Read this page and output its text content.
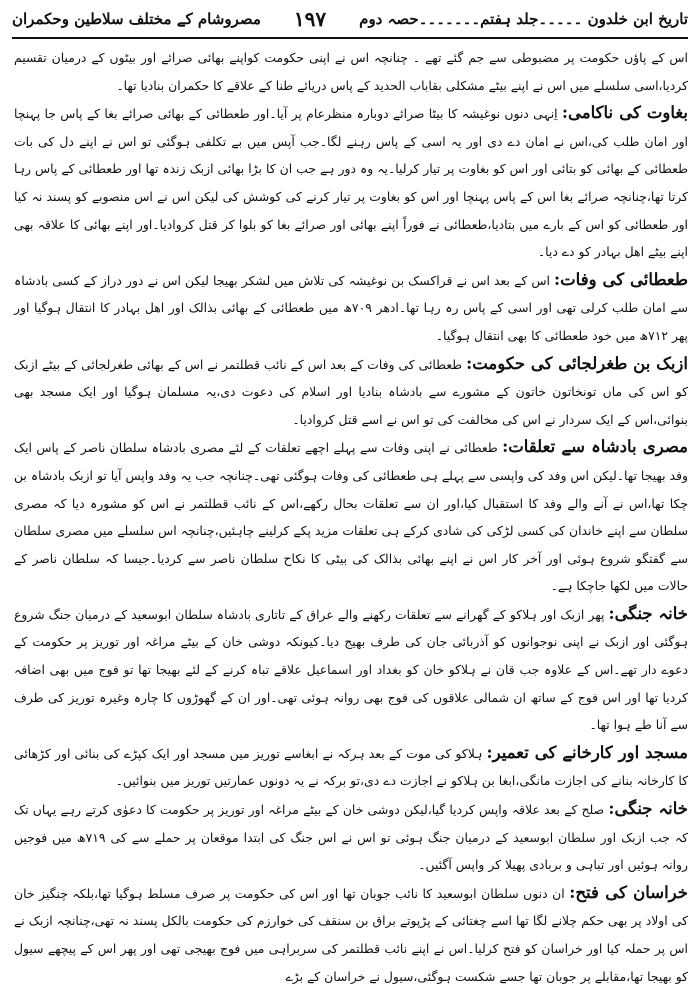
تاریخ ابن خلدون ۔۔۔۔۔جلد ہفتم۔۔۔۔۔۔۔حصہ دوم
۱۹۷
مصروشام کے مختلف سلاطین وحکمران

اس کے پاؤں حکومت پر مضبوطی سے جم گئے تھے ۔ چنانچہ اس نے اپنی حکومت کواپنے بھائی صرائے اور بیٹوں کے درمیان تقسیم کردیا،اسی سلسلے میں اس نے اپنے بیٹے مشکلی بقاباب الحدید کے پاس دریائے طنا کے علاقے کا حکمران بنادیا تھا۔

بغاوت کی ناکامی: اِنہی دنوں نوغیشہ کا بیٹا صرائے دوبارہ منظرعام پر آیا۔اور طعطائی کے بھائی صرائے بغا کے پاس جا پہنچا اور امان طلب کی،اس نے امان دے دی اور یہ اسی کے پاس رہنے لگا۔جب آپس میں بے تکلفی ہوگئی تو اس نے اپنے دل کی بات طعطائی کے بھائی کو بتائی اور اس کو بغاوت پر تیار کرلیا۔یہ وہ دور ہے جب ان کا بڑا بھائی ازبک زندہ تھا اور طعطائی کے پاس رہا کرتا تھا،چنانچہ صرائے بغا اس کے پاس پہنچا اور اس کو بغاوت پر تیار کرنے کی کوشش کی لیکن اس نے اس منصوبے کو پسند نہ کیا اور طعطائی کو اس کے بارے میں بتادیا،طعطائی نے فوراً اپنے بھائی اور صرائے بغا کو بلوا کر قتل کروادیا۔اور اپنے بھائی کا علاقہ بھی اپنے بیٹے اھل بہادر کو دے دیا۔

طعطائی کی وفات: اس کے بعد اس نے قراکسک بن نوغیشہ کی تلاش میں لشکر بھیجا لیکن اس نے دور دراز کے کسی بادشاہ سے امان طلب کرلی تھی اور اسی کے پاس رہ رہا تھا۔ادھر ۷۰۹ھ میں طعطائی کے بھائی بذالک اور اھل بہادر کا انتقال ہوگیا اور پھر ۷۱۲ھ میں خود طعطائی کا بھی انتقال ہوگیا۔

ازبک بن طغرلجائی کی حکومت: طعطائی کی وفات کے بعد اس کے نائب قطلتمر نے اس کے بھائی طغرلجائی کے بیٹے ازبک کو اس کی ماں تونخاتون خاتون کے مشورے سے بادشاہ بنادیا اور اسلام کی دعوت دی،یہ مسلمان ہوگیا اور ایک مسجد بھی بنوائی،اس کے ایک سردار نے اس کی مخالفت کی تو اس نے اسے قتل کروادیا۔

مصری بادشاہ سے تعلقات: طعطائی نے اپنی وفات سے پہلے اچھے تعلقات کے لئے مصری بادشاہ سلطان ناصر کے پاس ایک وفد بھیجا تھا۔لیکن اس وفد کی واپسی سے پہلے ہی طعطائی کی وفات ہوگئی تھی۔چنانچہ جب یہ وفد واپس آیا تو ازبک بادشاہ بن چکا تھا،اس نے آنے والے وفد کا استقبال کیا،اور ان سے تعلقات بحال رکھے،اس کے نائب قطلتمر نے اس کو مشورہ دیا کہ مصری سلطان سے اپنے خاندان کی کسی لڑکی کی شادی کرکے ہی تعلقات مزید پکے کرلینے چاہئیں،چنانچہ اس سلسلے میں مصری سلطان سے گفتگو شروع ہوئی اور آخر کار اس نے اپنے بھائی بذالک کی بیٹی کا نکاح سلطان ناصر سے کردیا۔جیسا کہ سلطان ناصر کے حالات میں لکھا جاچکا ہے۔

خانہ جنگی: پھر ازبک اور ہلاکو کے گھرانے سے تعلقات رکھنے والے عراق کے تاتاری بادشاہ سلطان ابوسعید کے درمیان جنگ شروع ہوگئی اور ازبک نے اپنی نوجوانوں کو آذربائی جان کی طرف بھیج دیا۔کیونکہ دوشی خان کے بیٹے مراغہ اور توریز پر حکومت کے دعوے دار تھے۔اس کے علاوہ جب قان نے ہلاکو خان کو بغداد اور اسماعیل علاقے تباہ کرنے کے لئے بھیجا تھا تو فوج میں بھی اضافہ کردیا تھا اور اس فوج کے ساتھ ان شمالی علاقوں کی فوج بھی روانہ ہوئی تھی۔اور ان کے گھوڑوں کا چارہ وغیرہ توریز کی طرف سے آنا طے ہوا تھا۔

مسجد اور کارخانے کی تعمیر: ہلاکو کی موت کے بعد ہرکہ نے ابغاسے توریز میں مسجد اور ایک کپڑے کی بنائی اور کڑھائی کا کارخانہ بنانے کی اجازت مانگی،ابغا بن ہلاکو نے اجازت دے دی،تو برکہ نے یہ دونوں عمارتیں توریز میں بنوائیں۔

خانہ جنگی: صلح کے بعد علاقہ واپس کردیا گیا،لیکن دوشی خان کے بیٹے مراغہ اور توریز پر حکومت کا دعوٰی کرتے رہے یہاں تک کہ جب ازبک اور سلطان ابوسعید کے درمیان جنگ ہوئی تو اس نے اس جنگ کی ابتدا موقعان پر حملے سے کی ۷۱۹ھ میں فوجیں روانہ ہوئیں اور تباہی و بربادی پھیلا کر واپس آگئیں۔

خراسان کی فتح: ان دنوں سلطان ابوسعید کا نائب جوبان تھا اور اس کی حکومت پر صرف مسلط ہوگیا تھا،بلکہ چنگیز خان کی اولاد پر بھی حکم چلانے لگا تھا اسے چغتائی کے پڑپوتے براق بن سنقف کی خوارزم کی حکومت بالکل پسند نہ تھی،چنانچہ ازبک نے اس پر حملہ کیا اور خراسان کو فتح کرلیا۔اس نے اپنے نائب قطلتمر کی سربراہی میں فوج بھیجی تھی اور پھر اس کے پیچھے سیول کو بھیجا تھا،مقابلے پر جوبان تھا جسے شکست ہوگئی،سیول نے خراسان کے بڑے
